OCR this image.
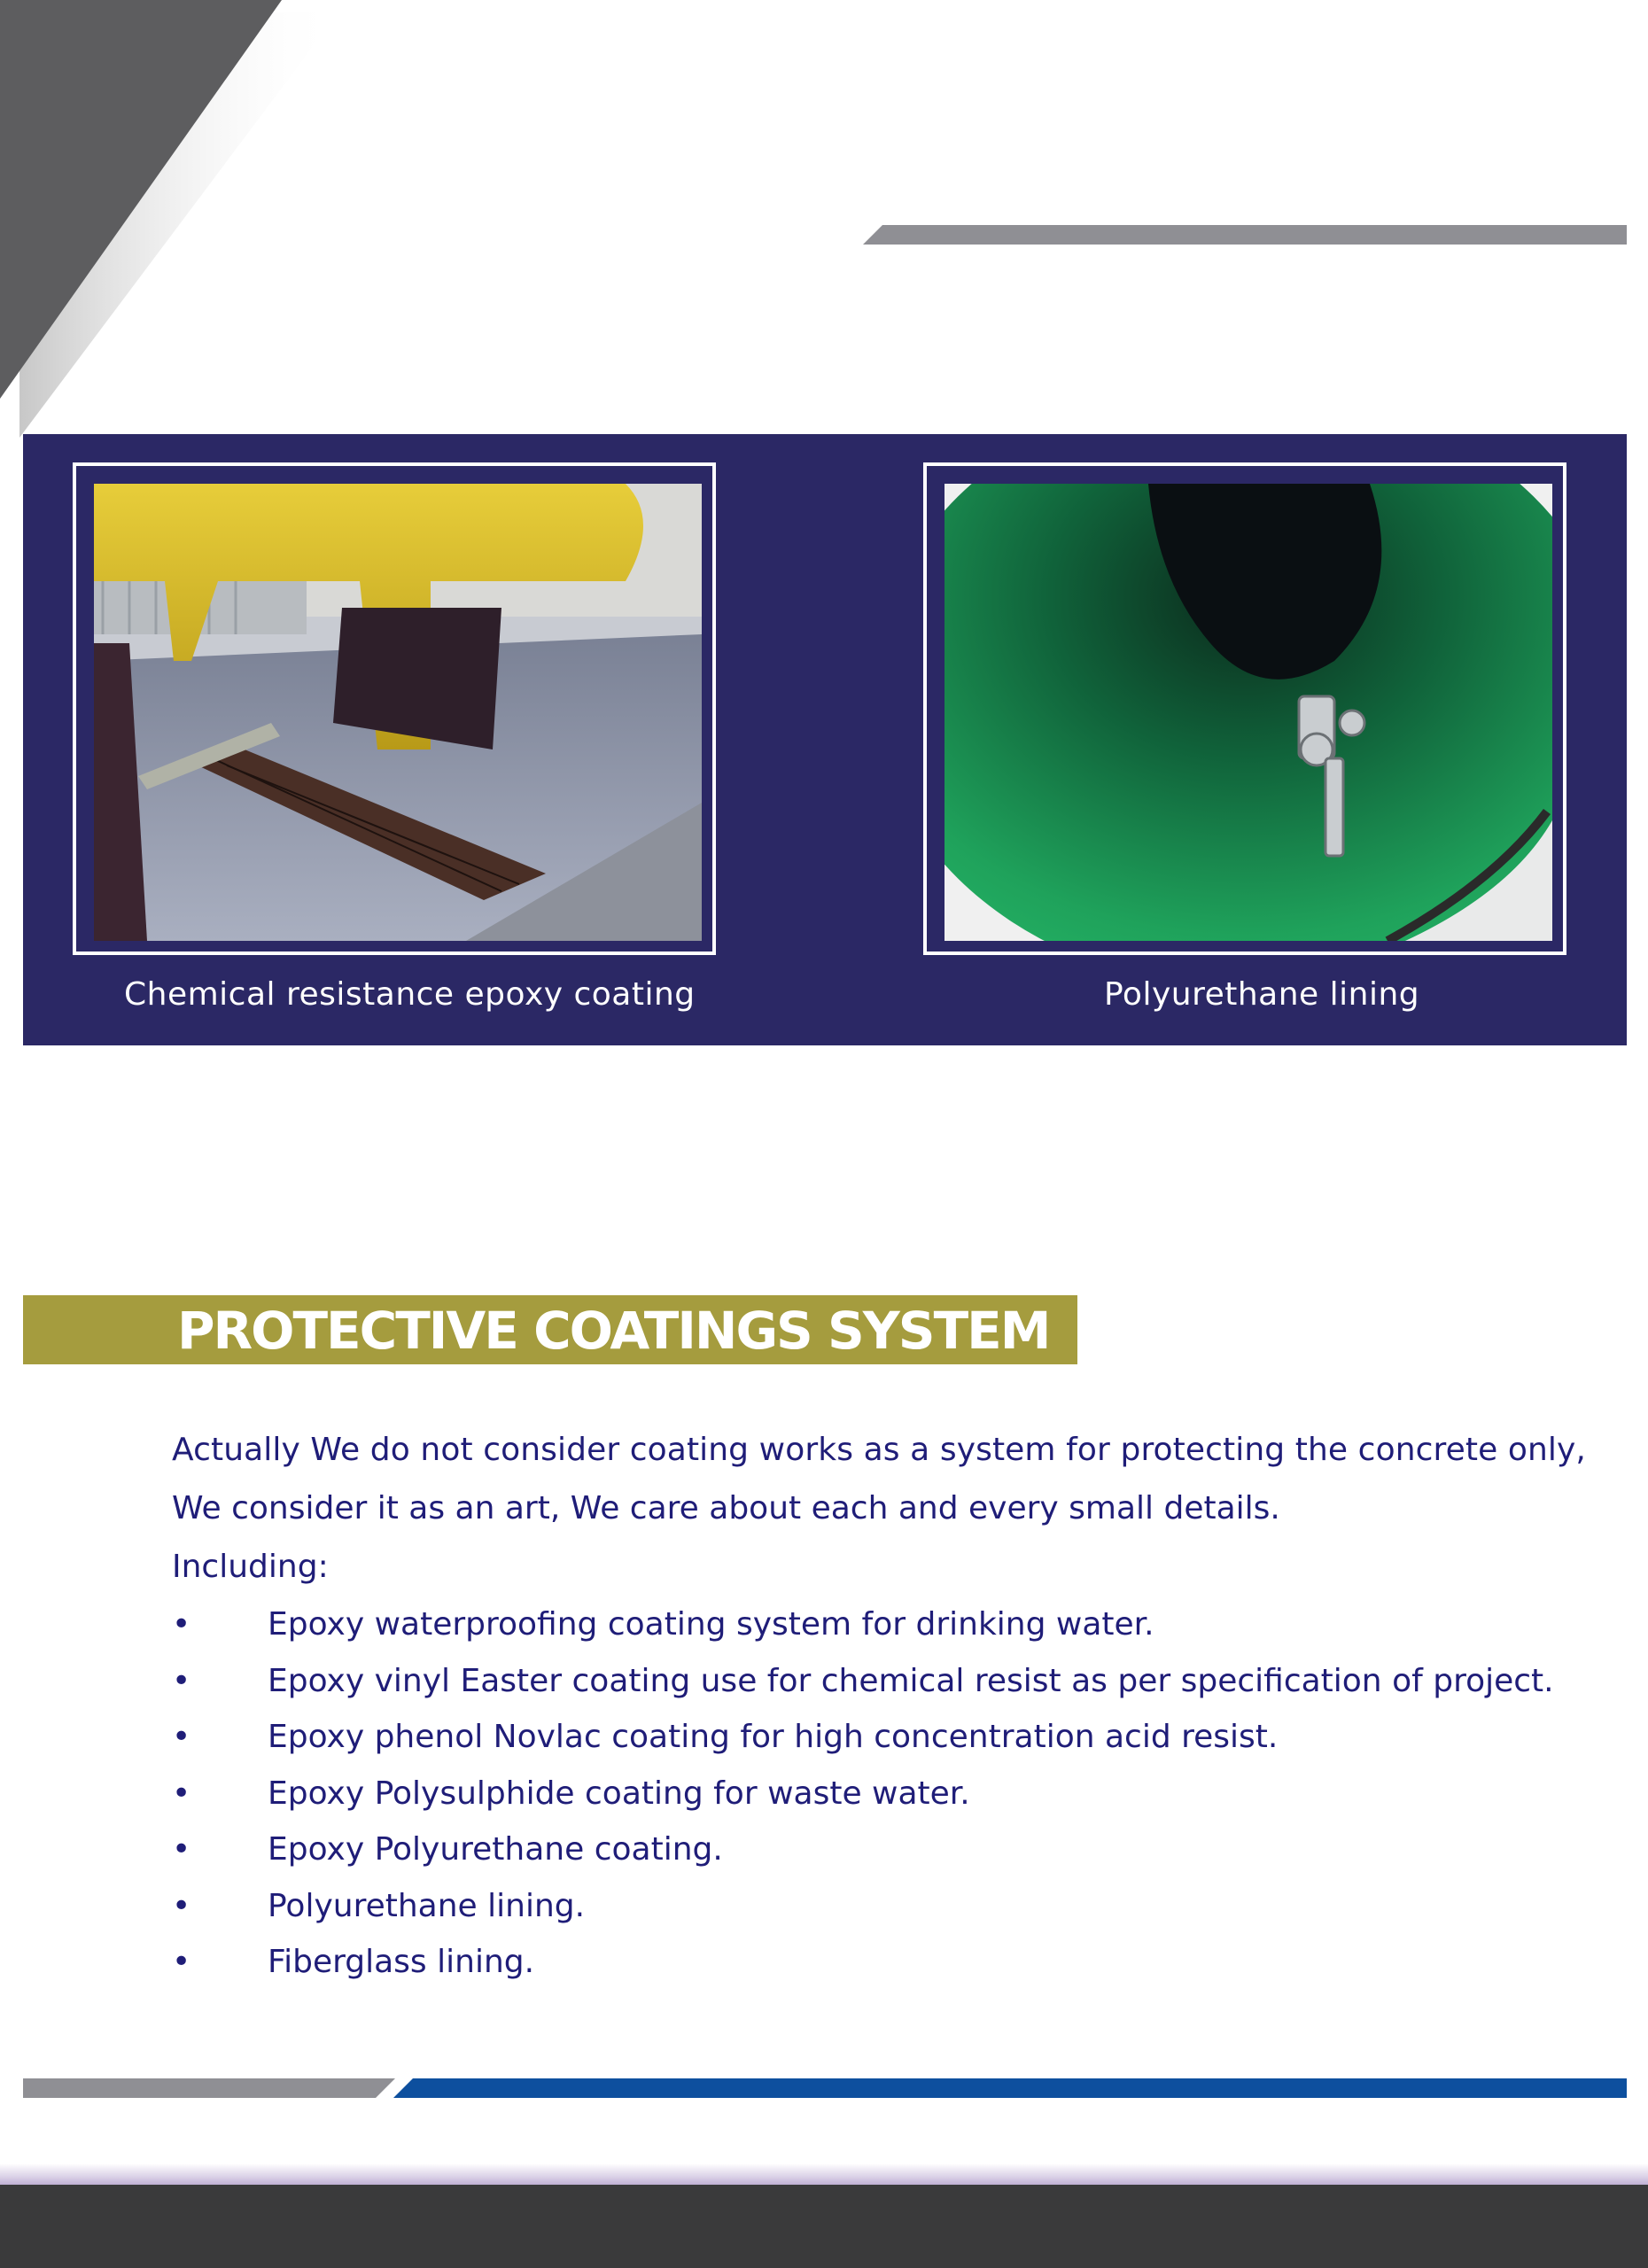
Chemical resistance epoxy coating	Polyurethane lining
PROTECTIVE COATINGS SYSTEM
Actually We do not consider coating works as a system for protecting the concrete only,
We consider it as an art, We care about each and every small details.
Including:
• Epoxy waterproofing coating system for drinking water.
• Epoxy vinyl Easter coating use for chemical resist as per specification of project.
• Epoxy phenol Novlac coating for high concentration acid resist.
• Epoxy Polysulphide coating for waste water.
• Epoxy Polyurethane coating.
• Polyurethane lining.
• Fiberglass lining.
